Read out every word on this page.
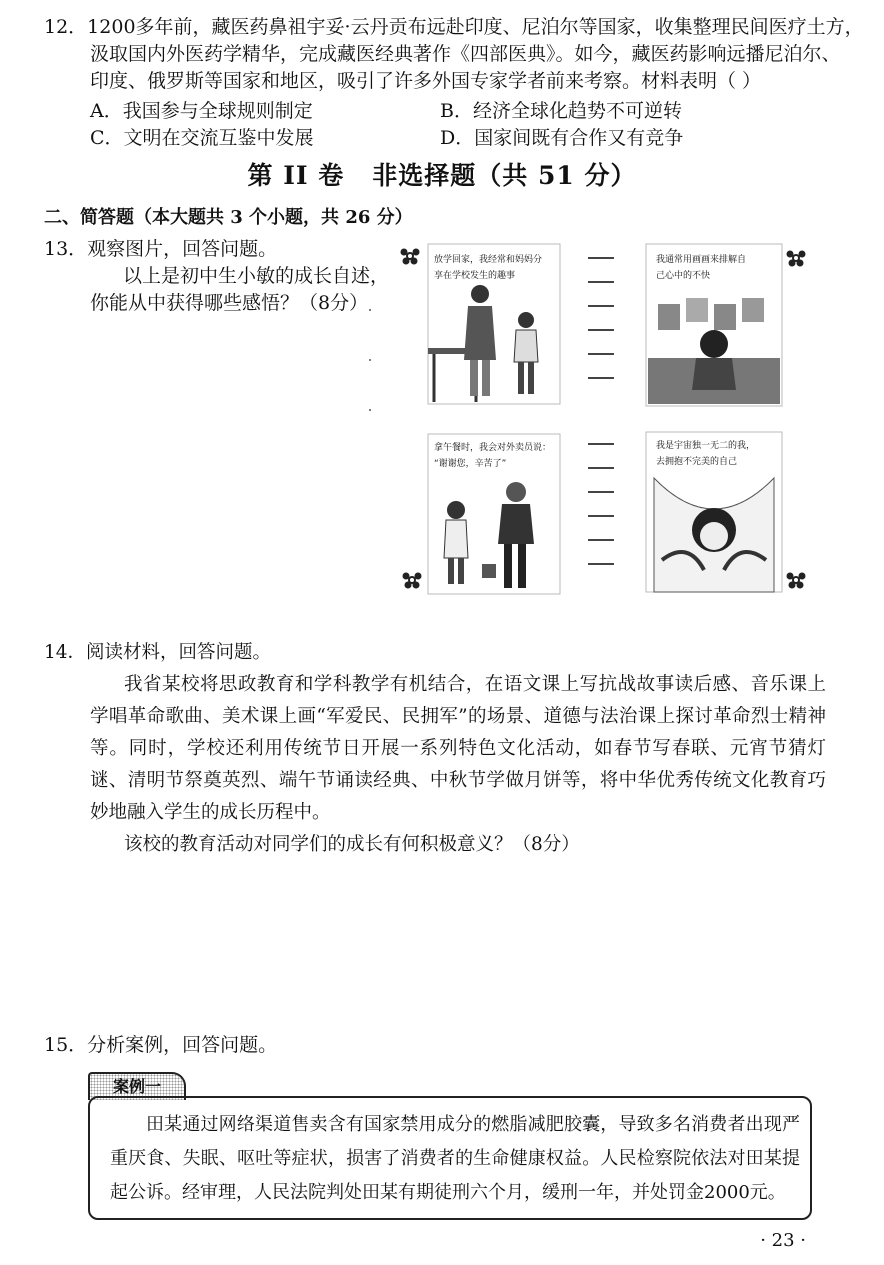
12．1200多年前，藏医药鼻祖宇妥·云丹贡布远赴印度、尼泊尔等国家，收集整理民间医疗土方，
汲取国内外医药学精华，完成藏医经典著作《四部医典》。如今，藏医药影响远播尼泊尔、
印度、俄罗斯等国家和地区，吸引了许多外国专家学者前来考察。材料表明（ ）
A．我国参与全球规则制定	B．经济全球化趋势不可逆转
C．文明在交流互鉴中发展	D．国家间既有合作又有竞争
第 II 卷 非选择题（共 51 分）
二、简答题（本大题共 3 个小题，共 26 分）
13．观察图片，回答问题。
以上是初中生小敏的成长自述，
你能从中获得哪些感悟？（8分）
放学回家，我经常和妈妈分
享在学校发生的趣事
我通常用画画来排解自
己心中的不快
拿午餐时，我会对外卖员说：
“谢谢您，辛苦了”
我是宇宙独一无二的我，
去拥抱不完美的自己

14．阅读材料，回答问题。

我省某校将思政教育和学科教学有机结合，在语文课上写抗战故事读后感、音乐课上学唱革命歌曲、美术课上画“军爱民、民拥军”的场景、道德与法治课上探讨革命烈士精神等。同时，学校还利用传统节日开展一系列特色文化活动，如春节写春联、元宵节猜灯谜、清明节祭奠英烈、端午节诵读经典、中秋节学做月饼等，将中华优秀传统文化教育巧妙地融入学生的成长历程中。

该校的教育活动对同学们的成长有何积极意义？（8分）

15．分析案例，回答问题。
案例一

田某通过网络渠道售卖含有国家禁用成分的燃脂减肥胶囊，导致多名消费者出现严重厌食、失眠、呕吐等症状，损害了消费者的生命健康权益。人民检察院依法对田某提起公诉。经审理，人民法院判处田某有期徒刑六个月，缓刑一年，并处罚金2000元。

· 23 ·
